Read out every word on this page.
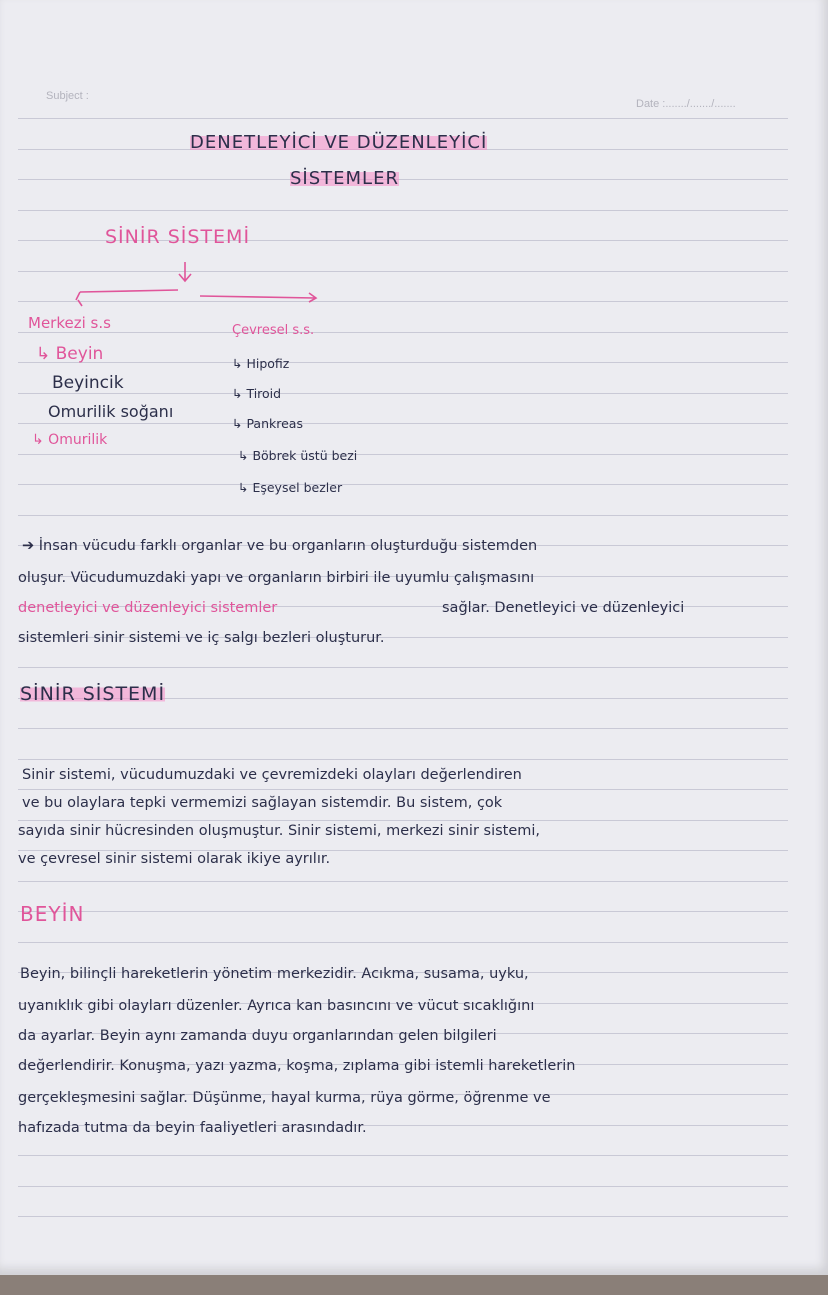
Subject :
Date :......./......./.......
DENETLEYİCİ VE DÜZENLEYİCİ
SİSTEMLER
SİNİR SİSTEMİ
Merkezi s.s
↳ Beyin
Beyincik
Omurilik soğanı
↳ Omurilik
Çevresel s.s.
↳ Hipofiz
↳ Tiroid
↳ Pankreas
↳ Böbrek üstü bezi
↳ Eşeysel bezler
➔ İnsan vücudu farklı organlar ve bu organların oluşturduğu sistemden
oluşur. Vücudumuzdaki yapı ve organların birbiri ile uyumlu çalışmasını
denetleyici ve düzenleyici sistemler	sağlar. Denetleyici ve düzenleyici
sistemleri sinir sistemi ve iç salgı bezleri oluşturur.
SİNİR SİSTEMİ
Sinir sistemi, vücudumuzdaki ve çevremizdeki olayları değerlendiren
ve bu olaylara tepki vermemizi sağlayan sistemdir. Bu sistem, çok
sayıda sinir hücresinden oluşmuştur. Sinir sistemi, merkezi sinir sistemi,
ve çevresel sinir sistemi olarak ikiye ayrılır.
BEYİN
Beyin, bilinçli hareketlerin yönetim merkezidir. Acıkma, susama, uyku,
uyanıklık gibi olayları düzenler. Ayrıca kan basıncını ve vücut sıcaklığını
da ayarlar. Beyin aynı zamanda duyu organlarından gelen bilgileri
değerlendirir. Konuşma, yazı yazma, koşma, zıplama gibi istemli hareketlerin
gerçekleşmesini sağlar. Düşünme, hayal kurma, rüya görme, öğrenme ve
hafızada tutma da beyin faaliyetleri arasındadır.
